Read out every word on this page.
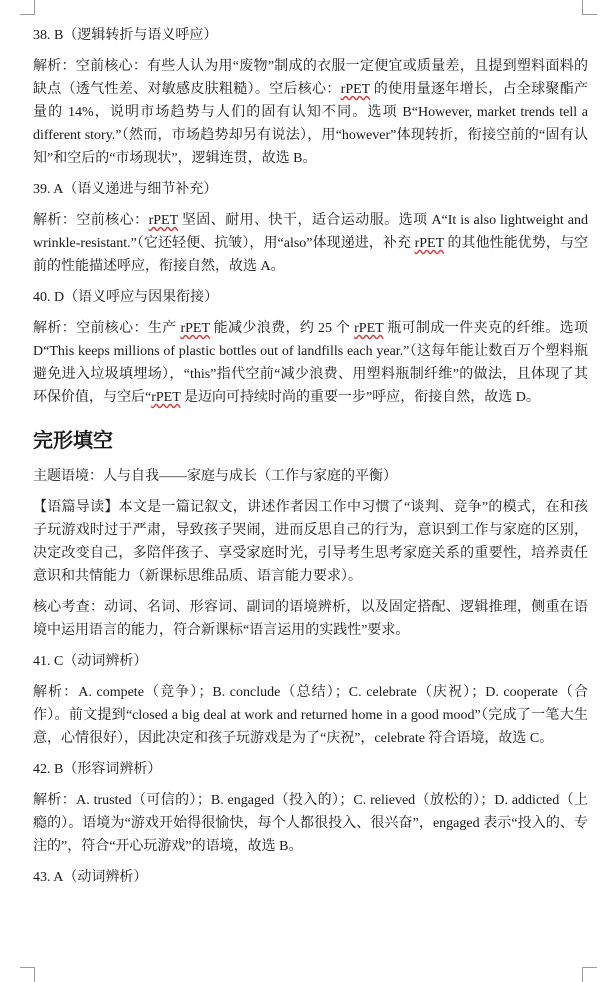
38. B（逻辑转折与语义呼应）

解析：空前核心：有些人认为用“废物”制成的衣服一定便宜或质量差，且提到塑料面料的缺点（透气性差、对敏感皮肤粗糙）。空后核心：rPET 的使用量逐年增长，占全球聚酯产量的 14%，说明市场趋势与人们的固有认知不同。选项 B“However, market trends tell a different story.”（然而，市场趋势却另有说法），用“however”体现转折，衔接空前的“固有认知”和空后的“市场现状”，逻辑连贯，故选 B。

39. A（语义递进与细节补充）

解析：空前核心：rPET 坚固、耐用、快干，适合运动服。选项 A“It is also lightweight and wrinkle-resistant.”（它还轻便、抗皱），用“also”体现递进，补充 rPET 的其他性能优势，与空前的性能描述呼应，衔接自然，故选 A。

40. D（语义呼应与因果衔接）

解析：空前核心：生产 rPET 能减少浪费，约 25 个 rPET 瓶可制成一件夹克的纤维。选项 D“This keeps millions of plastic bottles out of landfills each year.”（这每年能让数百万个塑料瓶避免进入垃圾填埋场），“this”指代空前“减少浪费、用塑料瓶制纤维”的做法，且体现了其环保价值，与空后“rPET 是迈向可持续时尚的重要一步”呼应，衔接自然，故选 D。

完形填空

主题语境：人与自我——家庭与成长（工作与家庭的平衡）

【语篇导读】本文是一篇记叙文，讲述作者因工作中习惯了“谈判、竞争”的模式，在和孩子玩游戏时过于严肃，导致孩子哭闹，进而反思自己的行为，意识到工作与家庭的区别，决定改变自己，多陪伴孩子、享受家庭时光，引导考生思考家庭关系的重要性，培养责任意识和共情能力（新课标思维品质、语言能力要求）。

核心考查：动词、名词、形容词、副词的语境辨析，以及固定搭配、逻辑推理，侧重在语境中运用语言的能力，符合新课标“语言运用的实践性”要求。

41. C（动词辨析）

解析：A. compete（竞争）；B. conclude（总结）；C. celebrate（庆祝）；D. cooperate（合作）。前文提到“closed a big deal at work and returned home in a good mood”（完成了一笔大生意，心情很好），因此决定和孩子玩游戏是为了“庆祝”，celebrate 符合语境，故选 C。

42. B（形容词辨析）

解析：A. trusted（可信的）；B. engaged（投入的）；C. relieved（放松的）；D. addicted（上瘾的）。语境为“游戏开始得很愉快，每个人都很投入、很兴奋”，engaged 表示“投入的、专注的”，符合“开心玩游戏”的语境，故选 B。

43. A（动词辨析）
